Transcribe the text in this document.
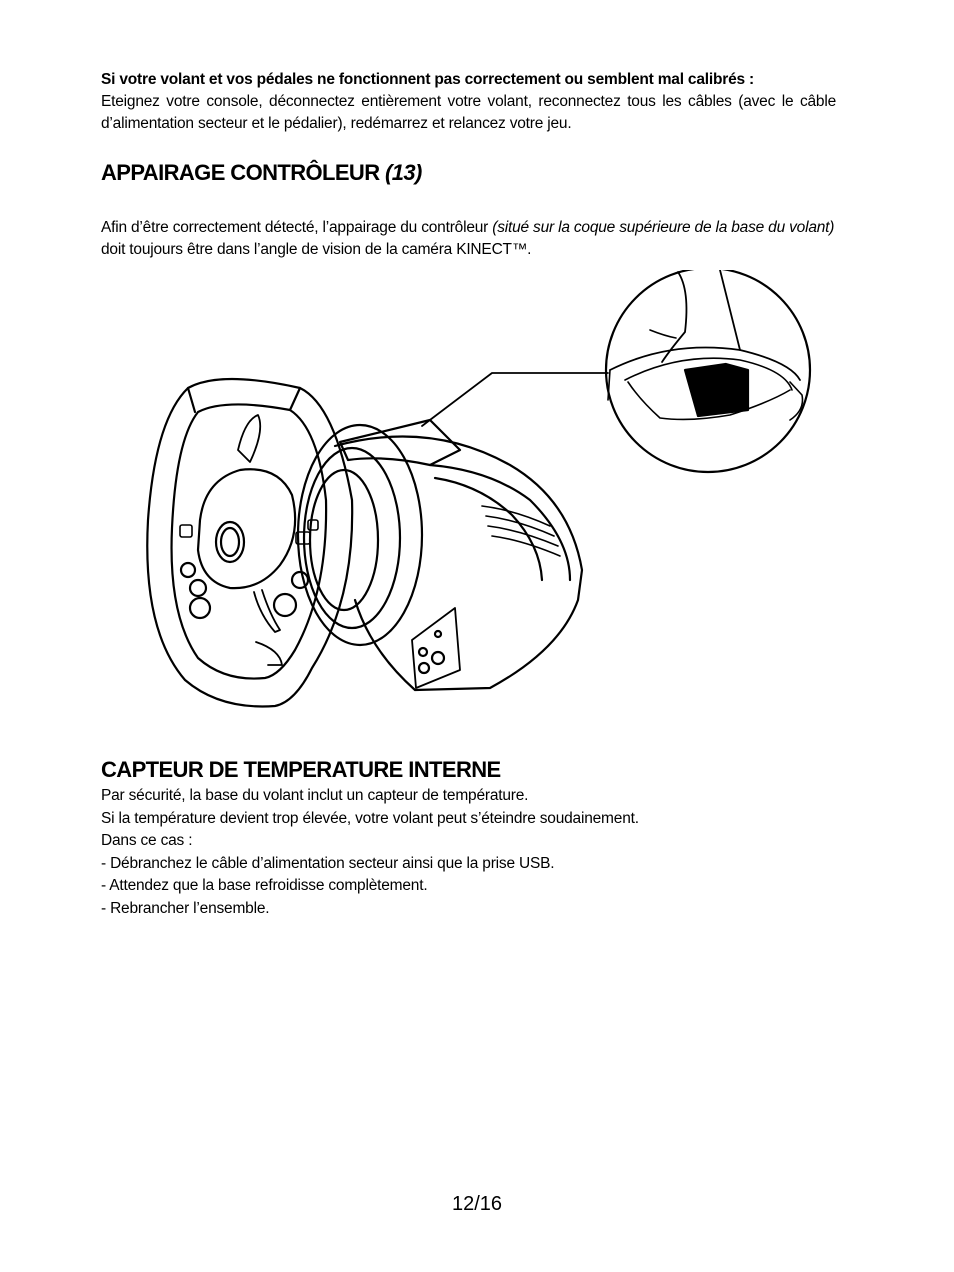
Si votre volant et vos pédales ne fonctionnent pas correctement ou semblent mal calibrés :
Eteignez votre console, déconnectez entièrement votre volant, reconnectez tous les câbles (avec le câble d’alimentation secteur et le pédalier), redémarrez et relancez votre jeu.
APPAIRAGE CONTRÔLEUR (13)
Afin d’être correctement détecté, l’appairage du contrôleur (situé sur la coque supérieure de la base du volant) doit toujours être dans l’angle de vision de la caméra KINECT™.
CAPTEUR DE TEMPERATURE INTERNE
Par sécurité, la base du volant inclut un capteur de température.
Si la température devient trop élevée, votre volant peut s’éteindre soudainement.
Dans ce cas :
- Débranchez le câble d’alimentation secteur ainsi que la prise USB.
- Attendez que la base refroidisse complètement.
- Rebrancher l’ensemble.
12/16
